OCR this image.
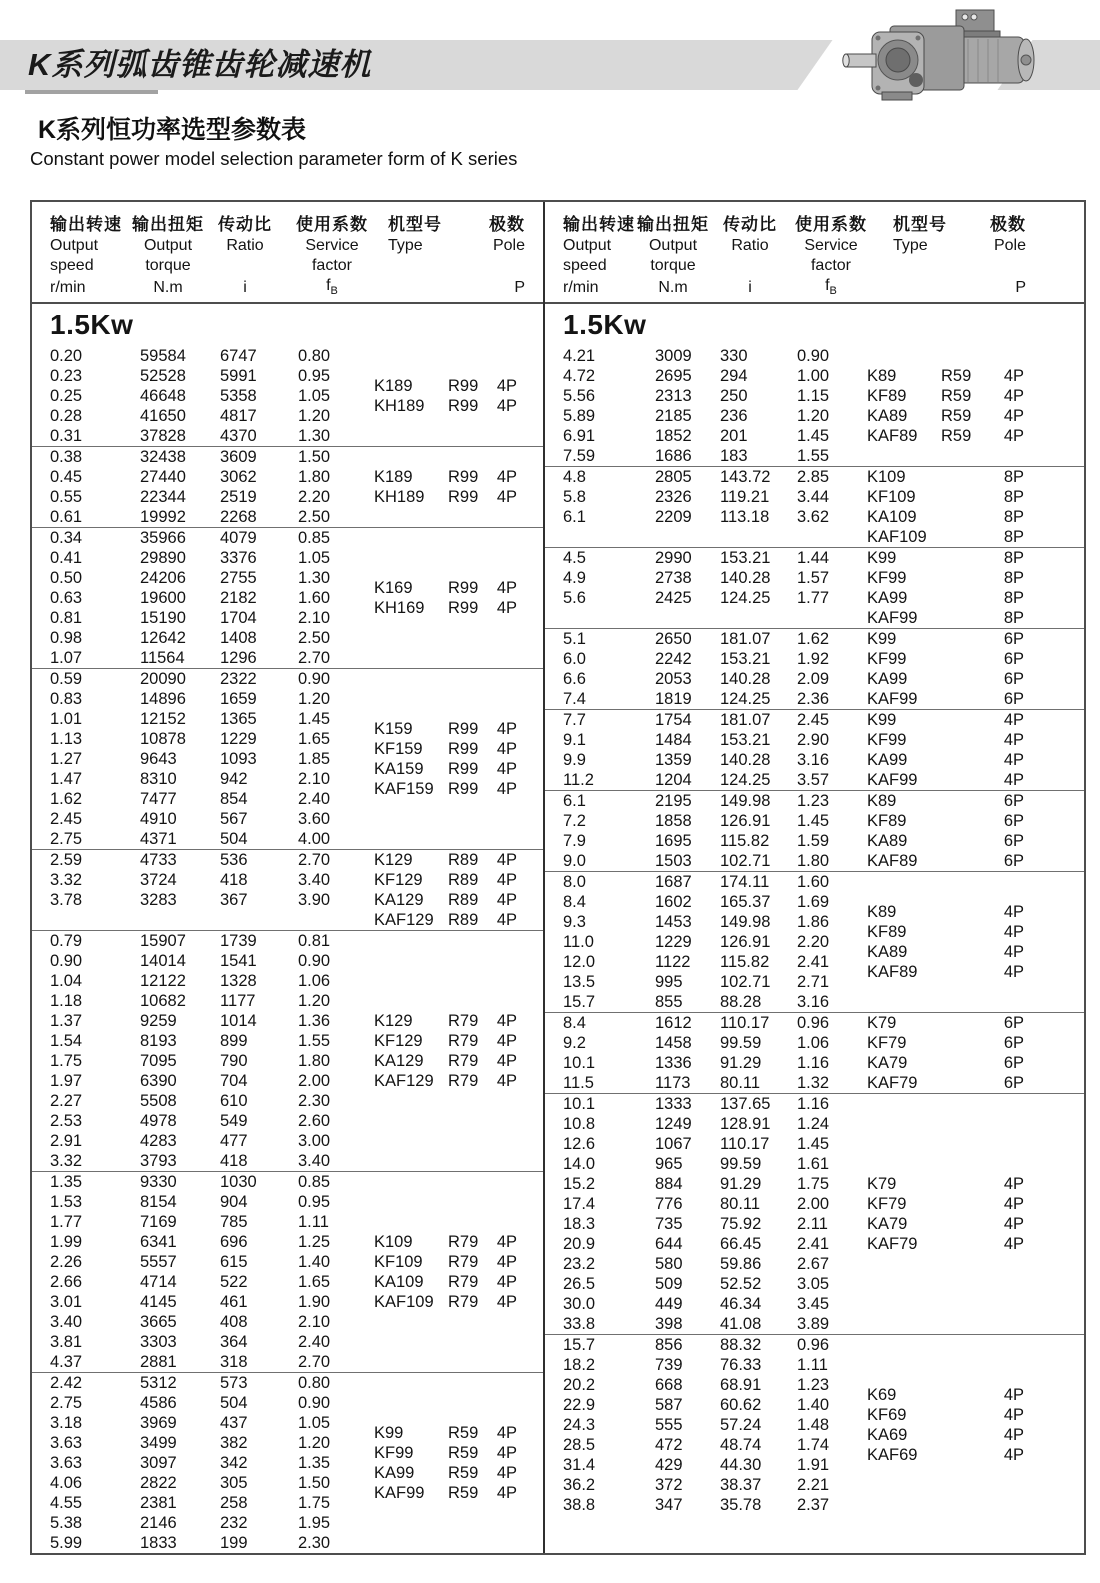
K系列弧齿锥齿轮减速机
K系列恒功率选型参数表
Constant power model selection parameter form of K series
输出转速
Output
speed
r/min
输出扭矩
Output
torque
N.m
传动比
Ratio
i
使用系数
Service
factor
$f_B$
机型号
Type
极数
Pole
P
1.5Kw
0.20	59584	6747	0.80
0.23	52528	5991	0.95
0.25	46648	5358	1.05
0.28	41650	4817	1.20
0.31	37828	4370	1.30
K189	R99 4P
KH189	R99 4P
0.38	32438	3609	1.50
0.45	27440	3062	1.80
0.55	22344	2519	2.20
0.61	19992	2268	2.50
K189	R99 4P
KH189	R99 4P
0.34	35966	4079	0.85
0.41	29890	3376	1.05
0.50	24206	2755	1.30
0.63	19600	2182	1.60
0.81	15190	1704	2.10
0.98	12642	1408	2.50
1.07	11564	1296	2.70
K169	R99 4P
KH169	R99 4P
0.59	20090	2322	0.90
0.83	14896	1659	1.20
1.01	12152	1365	1.45
1.13	10878	1229	1.65
1.27	9643	1093	1.85
1.47	8310	942	2.10
1.62	7477	854	2.40
2.45	4910	567	3.60
2.75	4371	504	4.00
K159	R99 4P
KF159	R99 4P
KA159	R99 4P
KAF159 R99 4P
2.59	4733	536	2.70
3.32	3724	418	3.40
3.78	3283	367	3.90
K129	R89 4P
KF129	R89 4P
KA129	R89 4P
KAF129 R89 4P
0.79	15907	1739	0.81
0.90	14014	1541	0.90
1.04	12122	1328	1.06
1.18	10682	1177	1.20
1.37	9259	1014	1.36
1.54	8193	899	1.55
1.75	7095	790	1.80
1.97	6390	704	2.00
2.27	5508	610	2.30
2.53	4978	549	2.60
2.91	4283	477	3.00
3.32	3793	418	3.40
K129	R79 4P
KF129	R79 4P
KA129	R79 4P
KAF129 R79 4P
1.35	9330	1030	0.85
1.53	8154	904	0.95
1.77	7169	785	1.11
1.99	6341	696	1.25
2.26	5557	615	1.40
2.66	4714	522	1.65
3.01	4145	461	1.90
3.40	3665	408	2.10
3.81	3303	364	2.40
4.37	2881	318	2.70
K109	R79 4P
KF109	R79 4P
KA109	R79 4P
KAF109 R79 4P
2.42	5312	573	0.80
2.75	4586	504	0.90
3.18	3969	437	1.05
3.63	3499	382	1.20
3.63	3097	342	1.35
4.06	2822	305	1.50
4.55	2381	258	1.75
5.38	2146	232	1.95
5.99	1833	199	2.30
K99	R59 4P
KF99	R59 4P
KA99	R59 4P
KAF99	R59 4P
输出转速
Output
speed
r/min
输出扭矩
Output
torque
N.m
传动比
Ratio
i
使用系数
Service
factor
$f_B$
机型号
Type
极数
Pole
P
1.5Kw
4.21	3009	330	0.90
4.72	2695	294	1.00
5.56	2313	250	1.15
5.89	2185	236	1.20
6.91	1852	201	1.45
7.59	1686	183	1.55
K89	R59 4P
KF89	R59 4P
KA89	R59 4P
KAF89	R59 4P
4.8	2805	143.72	2.85
5.8	2326	119.21	3.44
6.1	2209	113.18	3.62
K109	8P
KF109	8P
KA109	8P
KAF109	8P
4.5	2990	153.21	1.44
4.9	2738	140.28	1.57
5.6	2425	124.25	1.77
K99	8P
KF99	8P
KA99	8P
KAF99	8P
5.1	2650	181.07	1.62
6.0	2242	153.21	1.92
6.6	2053	140.28	2.09
7.4	1819	124.25	2.36
K99	6P
KF99	6P
KA99	6P
KAF99	6P
7.7	1754	181.07	2.45
9.1	1484	153.21	2.90
9.9	1359	140.28	3.16
11.2	1204	124.25	3.57
K99	4P
KF99	4P
KA99	4P
KAF99	4P
6.1	2195	149.98	1.23
7.2	1858	126.91	1.45
7.9	1695	115.82	1.59
9.0	1503	102.71	1.80
K89	6P
KF89	6P
KA89	6P
KAF89	6P
8.0	1687	174.11	1.60
8.4	1602	165.37	1.69
9.3	1453	149.98	1.86
11.0	1229	126.91	2.20
12.0	1122	115.82	2.41
13.5	995	102.71	2.71
15.7	855	88.28	3.16
K89	4P
KF89	4P
KA89	4P
KAF89	4P
8.4	1612	110.17	0.96
9.2	1458	99.59	1.06
10.1	1336	91.29	1.16
11.5	1173	80.11	1.32
K79	6P
KF79	6P
KA79	6P
KAF79	6P
10.1	1333	137.65	1.16
10.8	1249	128.91	1.24
12.6	1067	110.17	1.45
14.0	965	99.59	1.61
15.2	884	91.29	1.75
17.4	776	80.11	2.00
18.3	735	75.92	2.11
20.9	644	66.45	2.41
23.2	580	59.86	2.67
26.5	509	52.52	3.05
30.0	449	46.34	3.45
33.8	398	41.08	3.89
K79	4P
KF79	4P
KA79	4P
KAF79	4P
15.7	856	88.32	0.96
18.2	739	76.33	1.11
20.2	668	68.91	1.23
22.9	587	60.62	1.40
24.3	555	57.24	1.48
28.5	472	48.74	1.74
31.4	429	44.30	1.91
36.2	372	38.37	2.21
38.8	347	35.78	2.37
K69	4P
KF69	4P
KA69	4P
KAF69	4P
